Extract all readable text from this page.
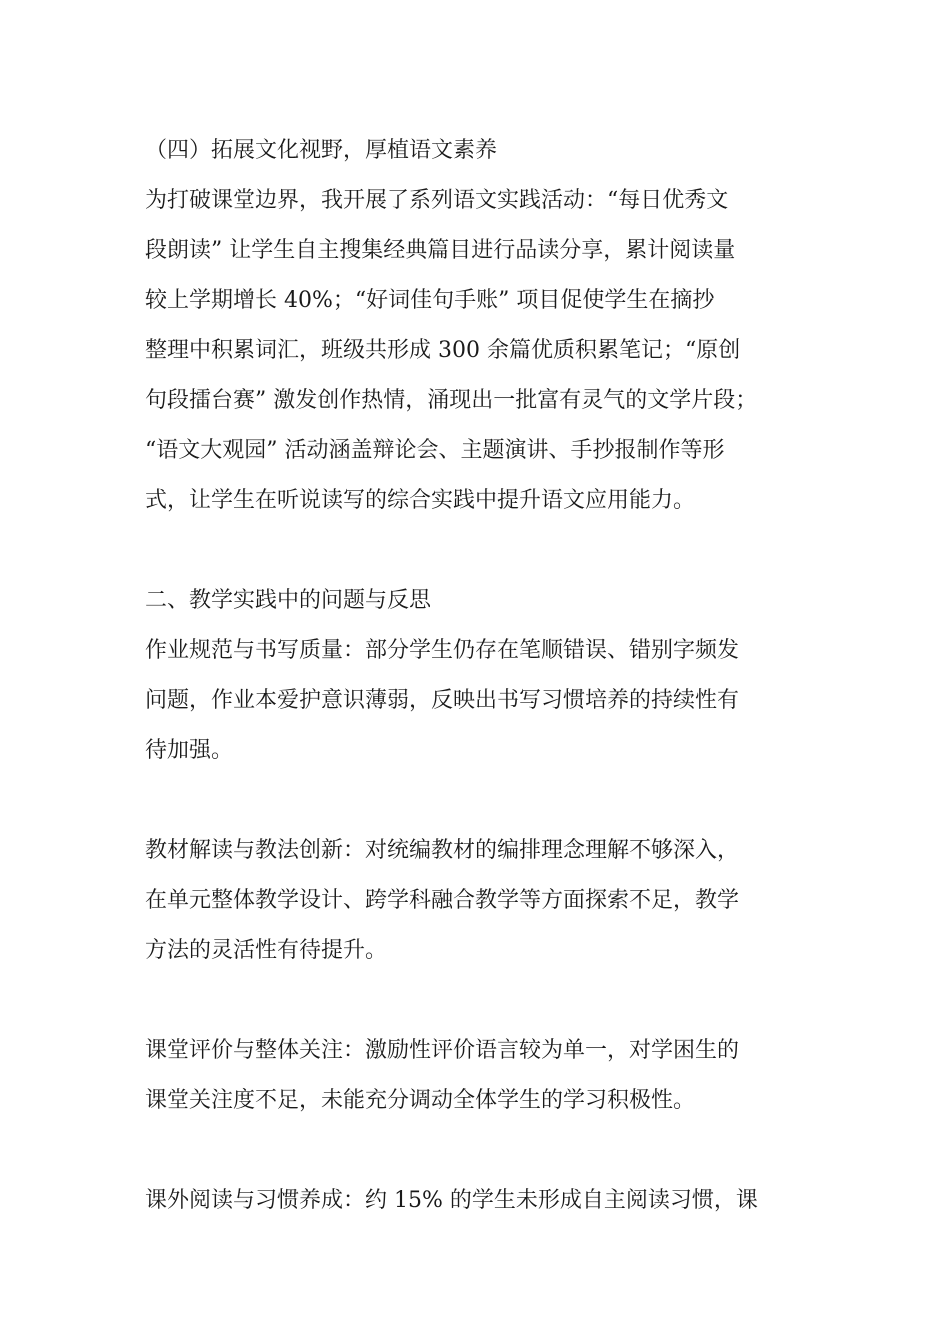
（四）拓展文化视野，厚植语文素养
为打破课堂边界，我开展了系列语文实践活动：“每日优秀文
段朗读” 让学生自主搜集经典篇目进行品读分享，累计阅读量
较上学期增长 40%；“好词佳句手账” 项目促使学生在摘抄
整理中积累词汇，班级共形成 300 余篇优质积累笔记；“原创
句段擂台赛” 激发创作热情，涌现出一批富有灵气的文学片段；
“语文大观园” 活动涵盖辩论会、主题演讲、手抄报制作等形
式，让学生在听说读写的综合实践中提升语文应用能力。
二、教学实践中的问题与反思
作业规范与书写质量：部分学生仍存在笔顺错误、错别字频发
问题，作业本爱护意识薄弱，反映出书写习惯培养的持续性有
待加强。
教材解读与教法创新：对统编教材的编排理念理解不够深入，
在单元整体教学设计、跨学科融合教学等方面探索不足，教学
方法的灵活性有待提升。
课堂评价与整体关注：激励性评价语言较为单一，对学困生的
课堂关注度不足，未能充分调动全体学生的学习积极性。
课外阅读与习惯养成：约 15% 的学生未形成自主阅读习惯，课
